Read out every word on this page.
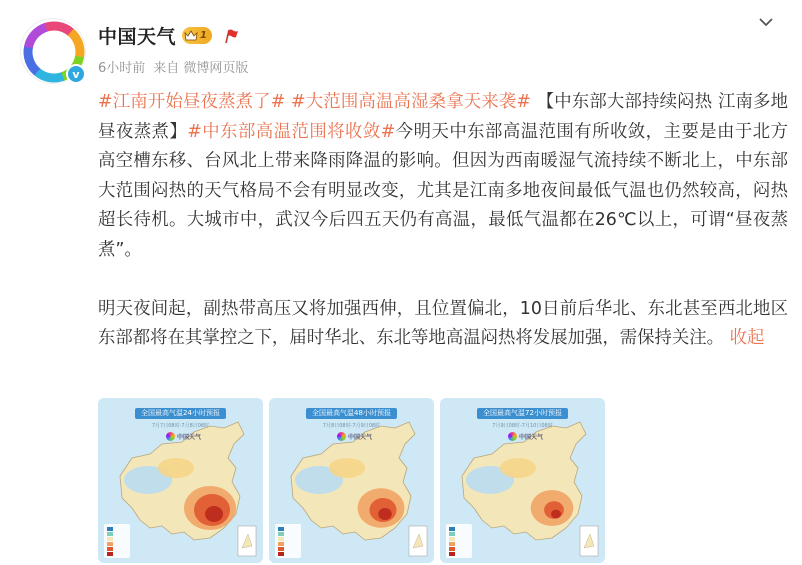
v
中国天气 1
6小时前 来自 微博网页版

#江南开始昼夜蒸煮了# #大范围高温高湿桑拿天来袭# 【中东部大部持续闷热 江南多地昼夜蒸煮】#中东部高温范围将收敛#今明天中东部高温范围有所收敛，主要是由于北方高空槽东移、台风北上带来降雨降温的影响。但因为西南暖湿气流持续不断北上，中东部大范围闷热的天气格局不会有明显改变，尤其是江南多地夜间最低气温也仍然较高，闷热超长待机。大城市中，武汉今后四五天仍有高温，最低气温都在26℃以上，可谓“昼夜蒸煮”。

明天夜间起，副热带高压又将加强西伸，且位置偏北，10日前后华北、东北甚至西北地区东部都将在其掌控之下，届时华北、东北等地高温闷热将发展加强，需保持关注。 收起

全国最高气温24小时预报
7月7日08时-7月8日08时
中国天气
全国最高气温48小时预报
7月8日08时-7月9日08时
中国天气
全国最高气温72小时预报
7月9日08时-7月10日08时
中国天气
